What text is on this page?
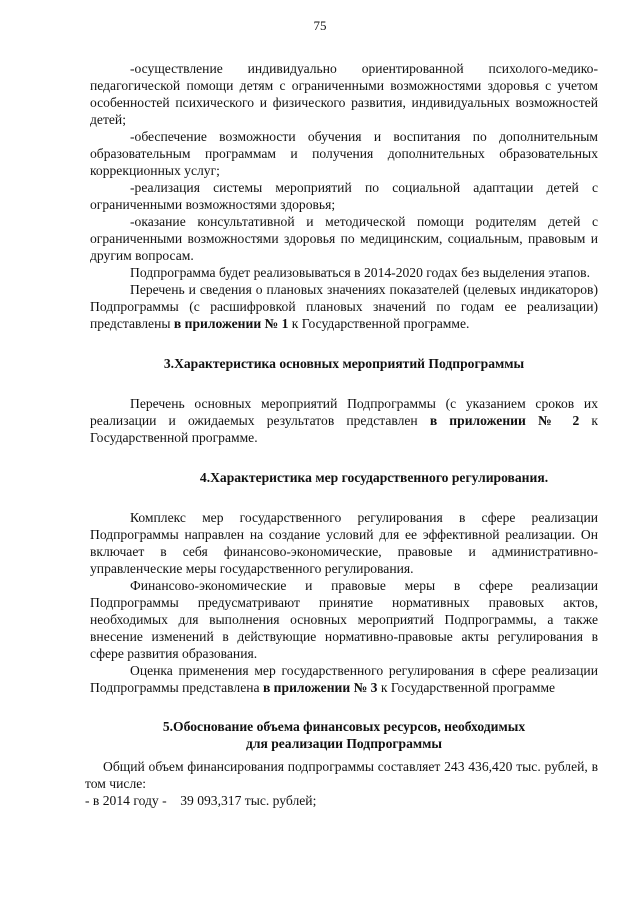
75

-осуществление индивидуально ориентированной психолого-медико-педагогической помощи детям с ограниченными возможностями здоровья с учетом особенностей психического и физического развития, индивидуальных возможностей детей;

-обеспечение возможности обучения и воспитания по дополнительным образовательным программам и получения дополнительных образовательных коррекционных услуг;

-реализация системы мероприятий по социальной адаптации детей с ограниченными возможностями здоровья;

-оказание консультативной и методической помощи родителям детей с ограниченными возможностями здоровья по медицинским, социальным, правовым и другим вопросам.

Подпрограмма будет реализовываться в 2014-2020 годах без выделения этапов.

Перечень и сведения о плановых значениях показателей (целевых индикаторов) Подпрограммы (с расшифровкой плановых значений по годам ее реализации) представлены в приложении № 1 к Государственной программе.

3.Характеристика основных мероприятий Подпрограммы

Перечень основных мероприятий Подпрограммы (с указанием сроков их реализации и ожидаемых результатов представлен в приложении № 2 к Государственной программе.

4.Характеристика мер государственного регулирования.

Комплекс мер государственного регулирования в сфере реализации Подпрограммы направлен на создание условий для ее эффективной реализации. Он включает в себя финансово-экономические, правовые и административно-управленческие меры государственного регулирования.

Финансово-экономические и правовые меры в сфере реализации Подпрограммы предусматривают принятие нормативных правовых актов, необходимых для выполнения основных мероприятий Подпрограммы, а также внесение изменений в действующие нормативно-правовые акты регулирования в сфере развития образования.

Оценка применения мер государственного регулирования в сфере реализации Подпрограммы представлена в приложении № 3 к Государственной программе

5.Обоснование объема финансовых ресурсов, необходимых

для реализации Подпрограммы

Общий объем финансирования подпрограммы составляет 243 436,420 тыс. рублей, в том числе:

- в 2014 году - 39 093,317 тыс. рублей;
